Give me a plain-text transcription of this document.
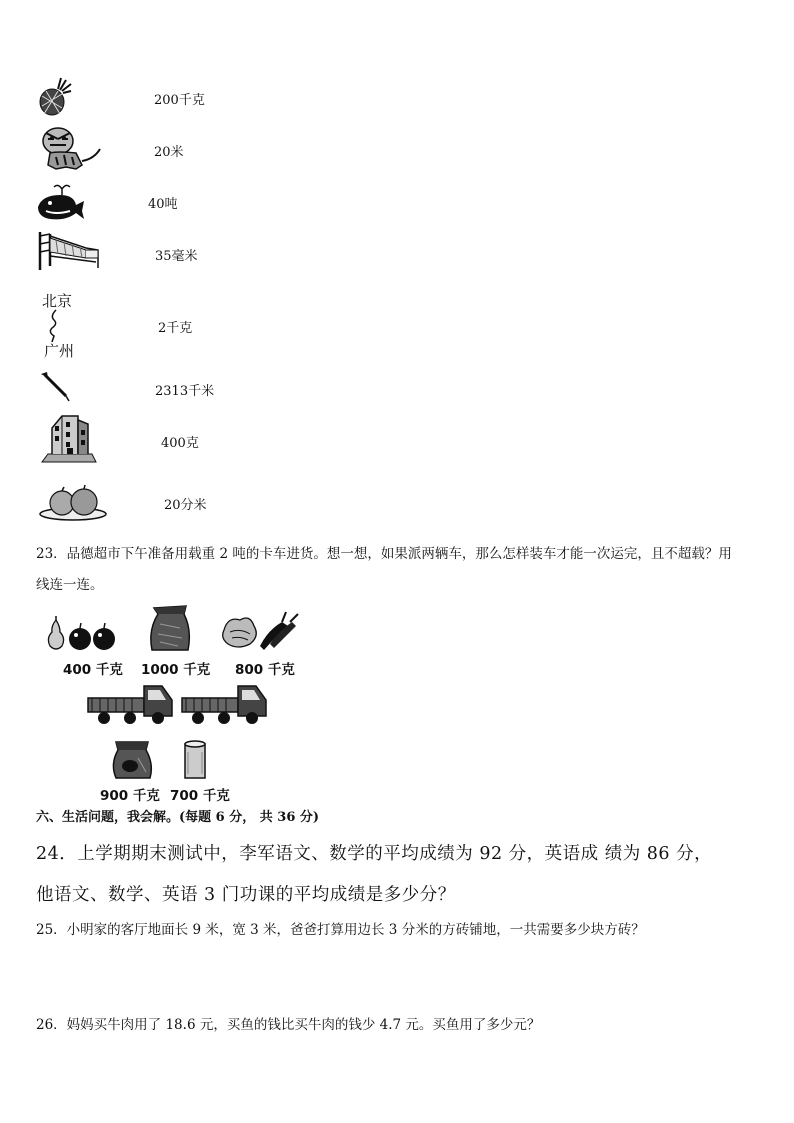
200千克
20米
40吨
35毫米
北京
广州
2千克
2313千米
400克
20分米
23．品德超市下午准备用载重 2 吨的卡车进货。想一想，如果派两辆车，那么怎样装车才能一次运完，且不超载？用
线连一连。
400 千克 1000 千克 800 千克
900 千克 700 千克
六、生活问题，我会解。(每题 6 分， 共 36 分)
24．上学期期末测试中，李军语文、数学的平均成绩为 92 分，英语成 绩为 86 分，
他语文、数学、英语 3 门功课的平均成绩是多少分？
25．小明家的客厅地面长 9 米，宽 3 米，爸爸打算用边长 3 分米的方砖铺地，一共需要多少块方砖？
26．妈妈买牛肉用了 18.6 元，买鱼的钱比买牛肉的钱少 4.7 元。买鱼用了多少元？
